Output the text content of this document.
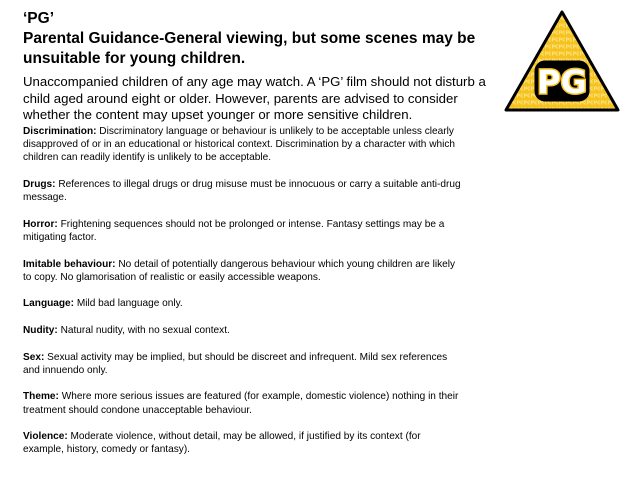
‘PG’
Parental Guidance-General viewing, but some scenes may be
unsuitable for young children.
Unaccompanied children of any age may watch. A ‘PG’ film should not disturb a child aged around eight or older. However, parents are advised to consider whether the content may upset younger or more sensitive children.

Discrimination: Discriminatory language or behaviour is unlikely to be acceptable unless clearly disapproved of or in an educational or historical context. Discrimination by a character with which children can readily identify is unlikely to be acceptable.

Drugs: References to illegal drugs or drug misuse must be innocuous or carry a suitable anti-drug message.

Horror: Frightening sequences should not be prolonged or intense. Fantasy settings may be a mitigating factor.

Imitable behaviour: No detail of potentially dangerous behaviour which young children are likely to copy. No glamorisation of realistic or easily accessible weapons.

Language: Mild bad language only.

Nudity: Natural nudity, with no sexual context.

Sex: Sexual activity may be implied, but should be discreet and infrequent. Mild sex references and innuendo only.

Theme: Where more serious issues are featured (for example, domestic violence) nothing in their treatment should condone unacceptable behaviour.

Violence: Moderate violence, without detail, may be allowed, if justified by its context (for example, history, comedy or fantasy).

PG
